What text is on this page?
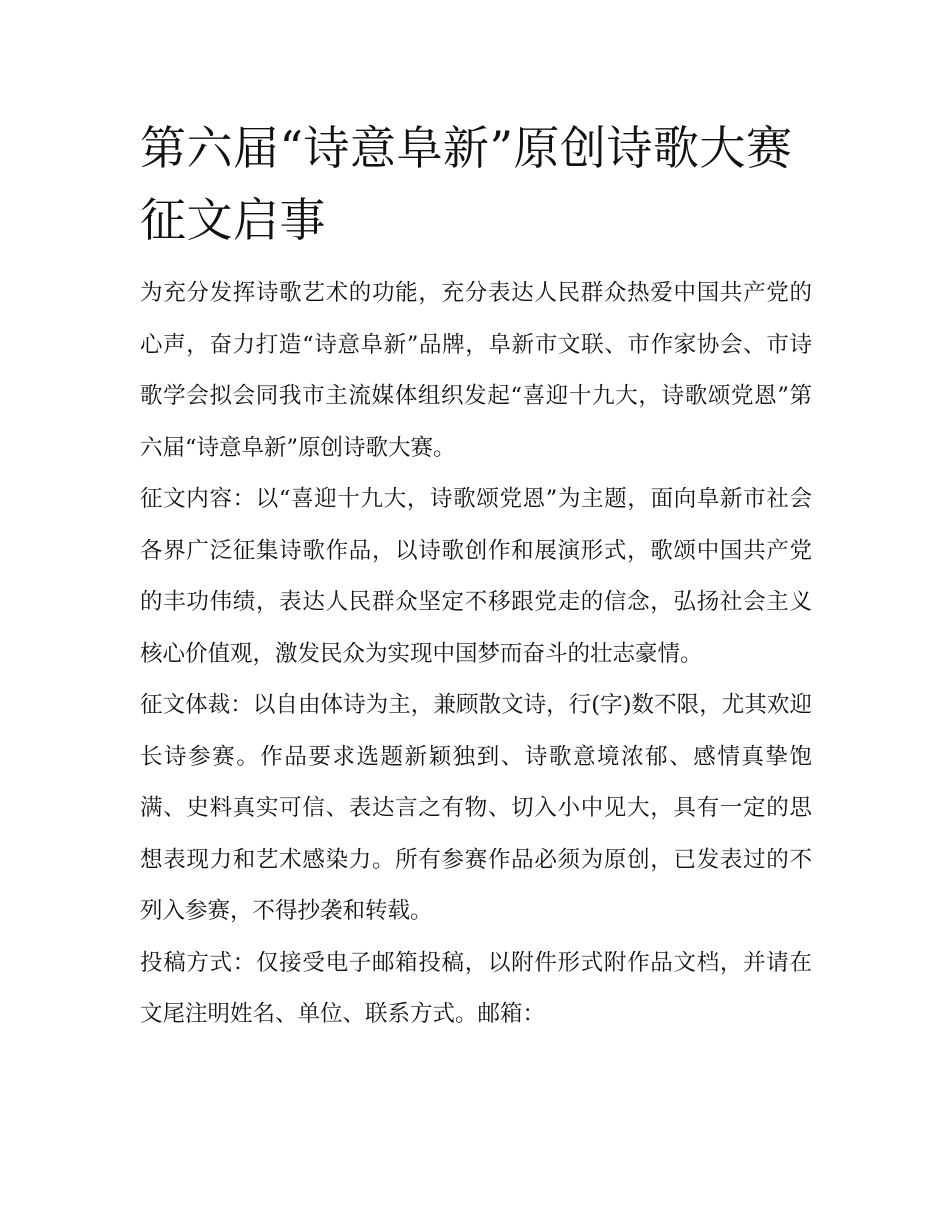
第六届“诗意阜新”原创诗歌大赛征文启事

为充分发挥诗歌艺术的功能，充分表达人民群众热爱中国共产党的心声，奋力打造“诗意阜新”品牌，阜新市文联、市作家协会、市诗歌学会拟会同我市主流媒体组织发起“喜迎十九大，诗歌颂党恩”第六届“诗意阜新”原创诗歌大赛。

征文内容：以“喜迎十九大，诗歌颂党恩”为主题，面向阜新市社会各界广泛征集诗歌作品，以诗歌创作和展演形式，歌颂中国共产党的丰功伟绩，表达人民群众坚定不移跟党走的信念，弘扬社会主义核心价值观，激发民众为实现中国梦而奋斗的壮志豪情。

征文体裁：以自由体诗为主，兼顾散文诗，行(字)数不限，尤其欢迎长诗参赛。作品要求选题新颖独到、诗歌意境浓郁、感情真挚饱满、史料真实可信、表达言之有物、切入小中见大，具有一定的思想表现力和艺术感染力。所有参赛作品必须为原创，已发表过的不列入参赛，不得抄袭和转载。

投稿方式：仅接受电子邮箱投稿，以附件形式附作品文档，并请在文尾注明姓名、单位、联系方式。邮箱：
